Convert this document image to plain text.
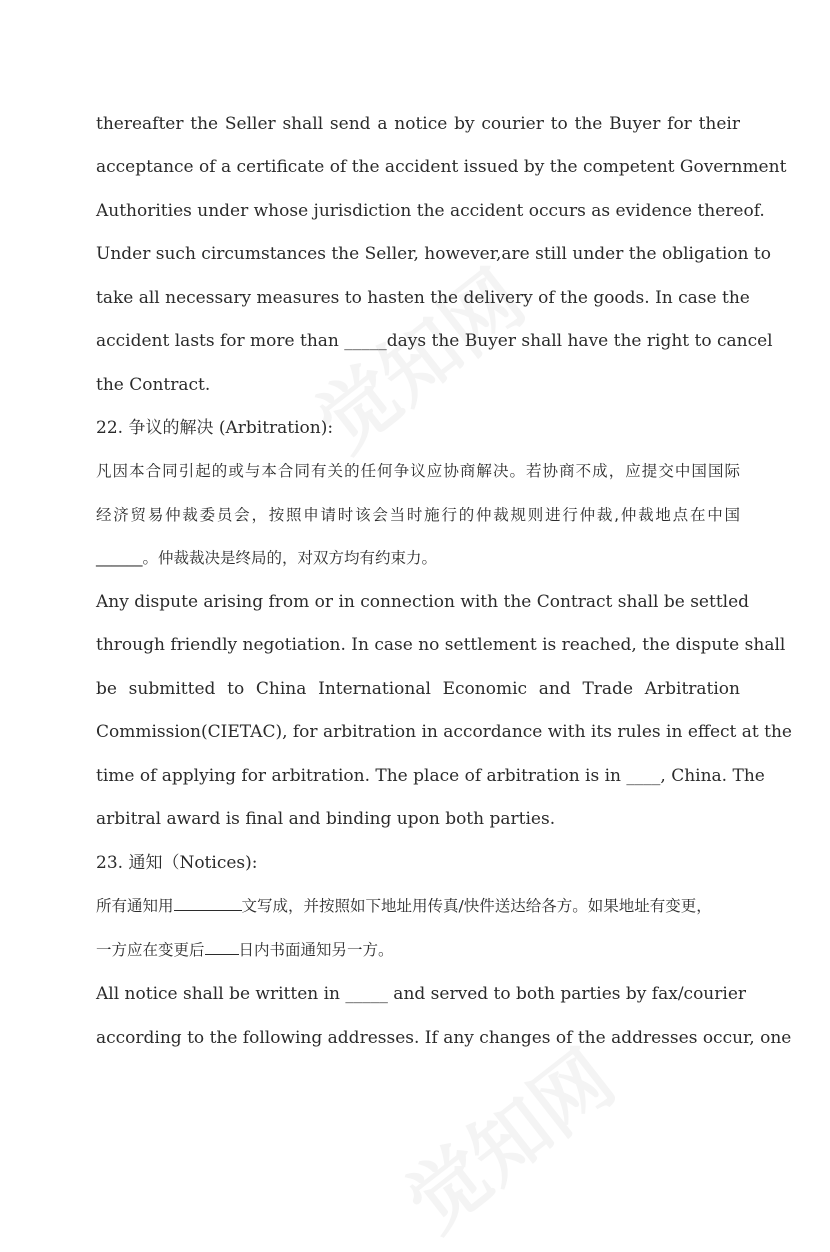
thereafter the Seller shall send a notice by courier to the Buyer for their
acceptance of a certificate of the accident issued by the competent Government
Authorities under whose jurisdiction the accident occurs as evidence thereof.
Under such circumstances the Seller, however,are still under the obligation to
take all necessary measures to hasten the delivery of the goods. In case the
accident lasts for more than _____days the Buyer shall have the right to cancel
the Contract.
22. 争议的解决 (Arbitration):
凡因本合同引起的或与本合同有关的任何争议应协商解决。若协商不成，应提交中国国际
经济贸易仲裁委员会，按照申请时该会当时施行的仲裁规则进行仲裁,仲裁地点在中国
______。仲裁裁决是终局的，对双方均有约束力。
Any dispute arising from or in connection with the Contract shall be settled
through friendly negotiation. In case no settlement is reached, the dispute shall
be submitted to China International Economic and Trade Arbitration
Commission(CIETAC), for arbitration in accordance with its rules in effect at the
time of applying for arbitration. The place of arbitration is in ____, China. The
arbitral award is final and binding upon both parties.
23. 通知（Notices):
所有通知用	文写成，并按照如下地址用传真/快件送达给各方。如果地址有变更，
一方应在变更后 日内书面通知另一方。
All notice shall be written in _____ and served to both parties by fax/courier
according to the following addresses. If any changes of the addresses occur, one
